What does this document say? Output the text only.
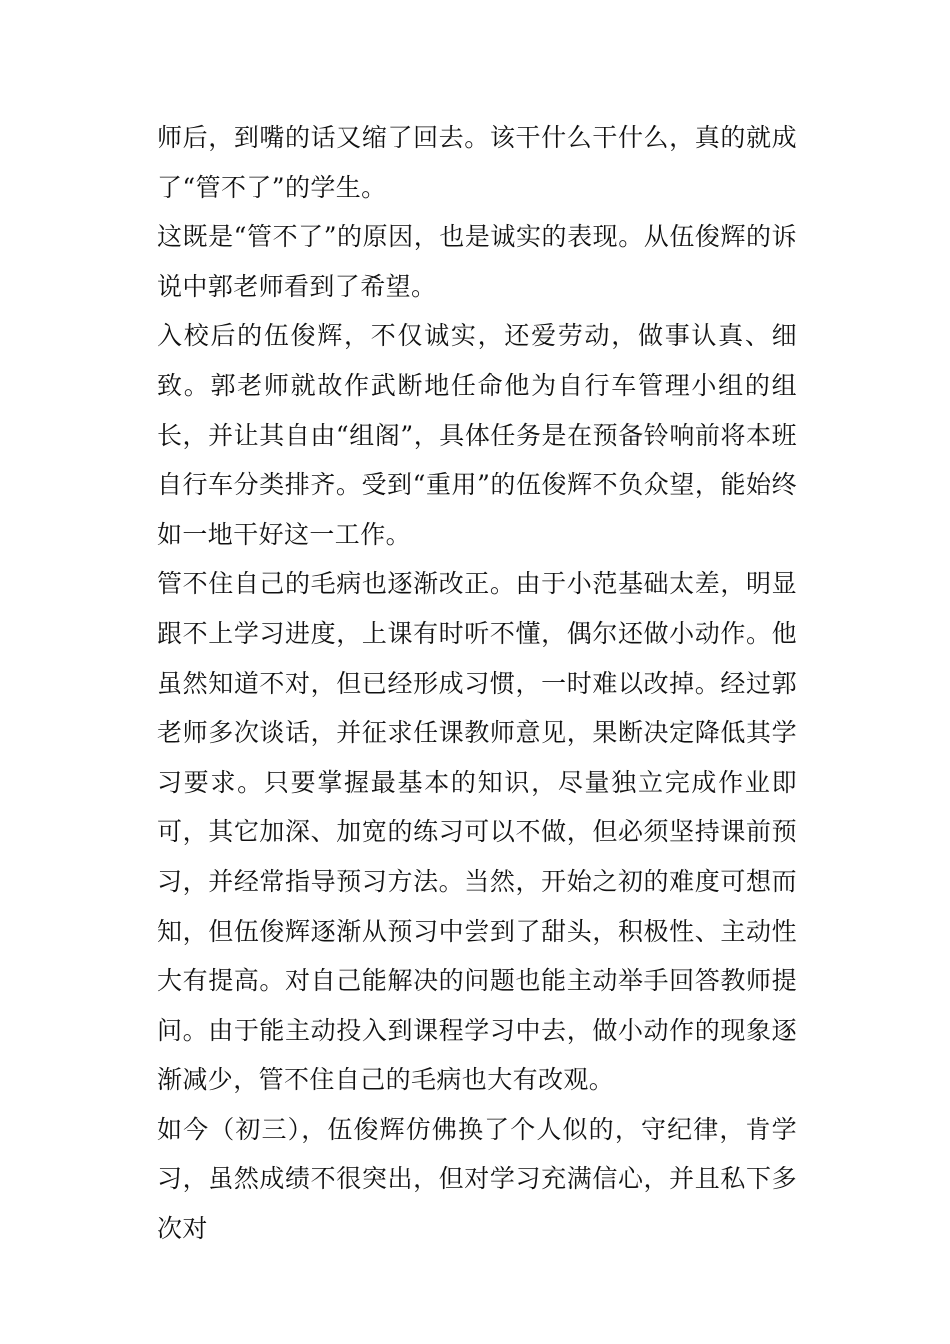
师后，到嘴的话又缩了回去。该干什么干什么，真的就成了“管不了”的学生。

这既是“管不了”的原因，也是诚实的表现。从伍俊辉的诉说中郭老师看到了希望。

入校后的伍俊辉，不仅诚实，还爱劳动，做事认真、细致。郭老师就故作武断地任命他为自行车管理小组的组长，并让其自由“组阁”，具体任务是在预备铃响前将本班自行车分类排齐。受到“重用”的伍俊辉不负众望，能始终如一地干好这一工作。

管不住自己的毛病也逐渐改正。由于小范基础太差，明显跟不上学习进度，上课有时听不懂，偶尔还做小动作。他虽然知道不对，但已经形成习惯，一时难以改掉。经过郭老师多次谈话，并征求任课教师意见，果断决定降低其学习要求。只要掌握最基本的知识，尽量独立完成作业即可，其它加深、加宽的练习可以不做，但必须坚持课前预习，并经常指导预习方法。当然，开始之初的难度可想而知，但伍俊辉逐渐从预习中尝到了甜头，积极性、主动性大有提高。对自己能解决的问题也能主动举手回答教师提问。由于能主动投入到课程学习中去，做小动作的现象逐渐减少，管不住自己的毛病也大有改观。

如今（初三），伍俊辉仿佛换了个人似的，守纪律，肯学习，虽然成绩不很突出，但对学习充满信心，并且私下多次对
